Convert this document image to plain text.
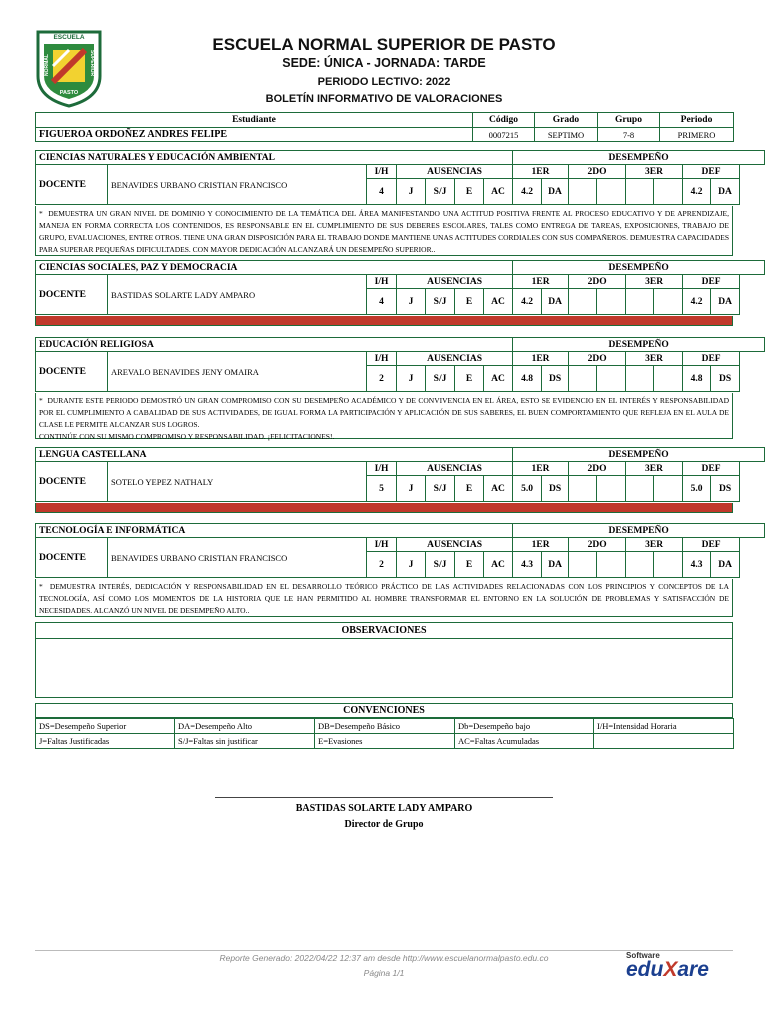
ESCUELA
NORMAL	SUPERIOR
PASTO
ESCUELA NORMAL SUPERIOR DE PASTO
SEDE: ÚNICA - JORNADA: TARDE
PERIODO LECTIVO: 2022
BOLETÍN INFORMATIVO DE VALORACIONES
Estudiante	Código	Grado	Grupo	Periodo
FIGUEROA ORDOÑEZ ANDRES FELIPE	0007215	SEPTIMO	7-8	PRIMERO
CIENCIAS NATURALES Y EDUCACIÓN AMBIENTAL							DESEMPEÑO								
DOCENTE	BENAVIDES URBANO CRISTIAN FRANCISCO	I/H	AUSENCIAS				1ER		2DO		3ER		DEF		
		4	J	S/J	E	AC	4.2	DA					4.2	DA	
* DEMUESTRA UN GRAN NIVEL DE DOMINIO Y CONOCIMIENTO DE LA TEMÁTICA DEL ÁREA MANIFESTANDO UNA ACTITUD POSITIVA FRENTE AL PROCESO EDUCATIVO Y DE APRENDIZAJE, MANEJA EN FORMA CORRECTA LOS CONTENIDOS, ES RESPONSABLE EN EL CUMPLIMIENTO DE SUS DEBERES ESCOLARES, TALES COMO ENTREGA DE TAREAS, EXPOSICIONES, TRABAJO DE GRUPO, EVALUACIONES, ENTRE OTROS. TIENE UNA GRAN DISPOSICIÓN PARA EL TRABAJO DONDE MANTIENE UNAS ACTITUDES CORDIALES CON SUS COMPAÑEROS. DEMUESTRA CAPACIDADES PARA SUPERAR PEQUEÑAS DIFICULTADES. CON MAYOR DEDICACIÓN ALCANZARÁ UN DESEMPEÑO SUPERIOR..
CIENCIAS SOCIALES, PAZ Y DEMOCRACIA							DESEMPEÑO								
DOCENTE	BASTIDAS SOLARTE LADY AMPARO	I/H	AUSENCIAS				1ER		2DO		3ER		DEF		
		4	J	S/J	E	AC	4.2	DA					4.2	DA	
EDUCACIÓN RELIGIOSA							DESEMPEÑO								
DOCENTE	AREVALO BENAVIDES JENY OMAIRA	I/H	AUSENCIAS				1ER		2DO		3ER		DEF		
		2	J	S/J	E	AC	4.8	DS					4.8	DS	
* DURANTE ESTE PERIODO DEMOSTRÓ UN GRAN COMPROMISO CON SU DESEMPEÑO ACADÉMICO Y DE CONVIVENCIA EN EL ÁREA, ESTO SE EVIDENCIO EN EL INTERÉS Y RESPONSABILIDAD POR EL CUMPLIMIENTO A CABALIDAD DE SUS ACTIVIDADES, DE IGUAL FORMA LA PARTICIPACIÓN Y APLICACIÓN DE SUS SABERES, EL BUEN COMPORTAMIENTO QUE REFLEJA EN EL AULA DE CLASE LE PERMITE ALCANZAR SUS LOGROS.
CONTINÚE CON SU MISMO COMPROMISO Y RESPONSABILIDAD. ¡FELICITACIONES!.
LENGUA CASTELLANA							DESEMPEÑO								
DOCENTE	SOTELO YEPEZ NATHALY	I/H	AUSENCIAS				1ER		2DO		3ER		DEF		
		5	J	S/J	E	AC	5.0	DS					5.0	DS	
TECNOLOGÍA E INFORMÁTICA							DESEMPEÑO								
DOCENTE	BENAVIDES URBANO CRISTIAN FRANCISCO	I/H	AUSENCIAS				1ER		2DO		3ER		DEF		
		2	J	S/J	E	AC	4.3	DA					4.3	DA	
* DEMUESTRA INTERÉS, DEDICACIÓN Y RESPONSABILIDAD EN EL DESARROLLO TEÓRICO PRÁCTICO DE LAS ACTIVIDADES RELACIONADAS CON LOS PRINCIPIOS Y CONCEPTOS DE LA TECNOLOGÍA, ASÍ COMO LOS MOMENTOS DE LA HISTORIA QUE LE HAN PERMITIDO AL HOMBRE TRANSFORMAR EL ENTORNO EN LA SOLUCIÓN DE PROBLEMAS Y SATISFACCIÓN DE NECESIDADES. ALCANZÓ UN NIVEL DE DESEMPEÑO ALTO..
OBSERVACIONES
CONVENCIONES
DS=Desempeño Superior	DA=Desempeño Alto	DB=Desempeño Básico	Db=Desempeño bajo	I/H=Intensidad Horaria
J=Faltas Justificadas	S/J=Faltas sin justificar	E=Evasiones	AC=Faltas Acumuladas	
BASTIDAS SOLARTE LADY AMPARO
Director de Grupo
Reporte Generado: 2022/04/22 12:37 am desde http://www.escuelanormalpasto.edu.co
Página 1/1
Software
eduXare
